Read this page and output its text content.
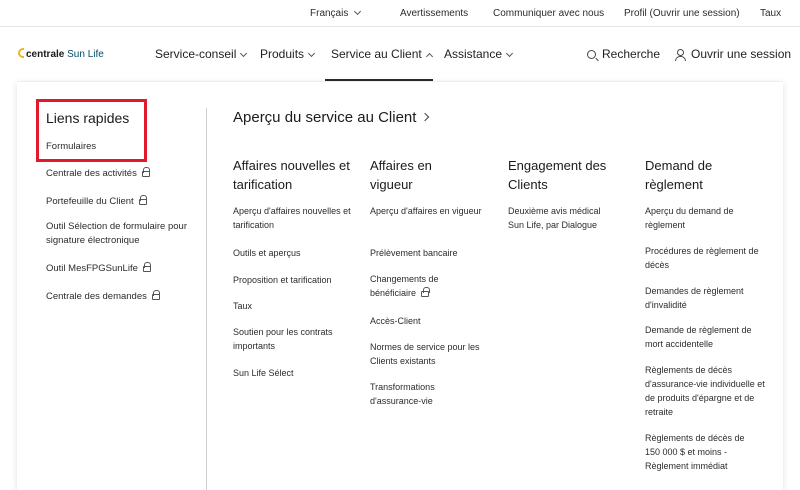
Français	Avertissements Communiquer avec nous Profil (Ouvrir une session) Taux
centrale Sun Life	Service-conseil	Produits	Service au Client	Assistance	Recherche	Ouvrir une session
Liens rapides
Formulaires
Centrale des activités
Portefeuille du Client
Outil Sélection de formulaire pour signature électronique
Outil MesFPGSunLife
Centrale des demandes
Aperçu du service au Client
Affaires nouvelles et tarification
Aperçu d'affaires nouvelles et tarification
Outils et aperçus
Proposition et tarification
Taux
Soutien pour les contrats importants
Sun Life Sélect
Affaires en vigueur
Aperçu d'affaires en vigueur
Prélèvement bancaire
Changements de bénéficiaire
Accès-Client
Normes de service pour les Clients existants
Transformations d'assurance-vie
Engagement des Clients
Deuxième avis médical Sun Life, par Dialogue
Demand de règlement
Aperçu du demand de règlement
Procédures de règlement de décès
Demandes de règlement d'invalidité
Demande de règlement de mort accidentelle
Règlements de décès d'assurance-vie individuelle et de produits d'épargne et de retraite
Règlements de décès de 150 000 $ et moins - Règlement immédiat
